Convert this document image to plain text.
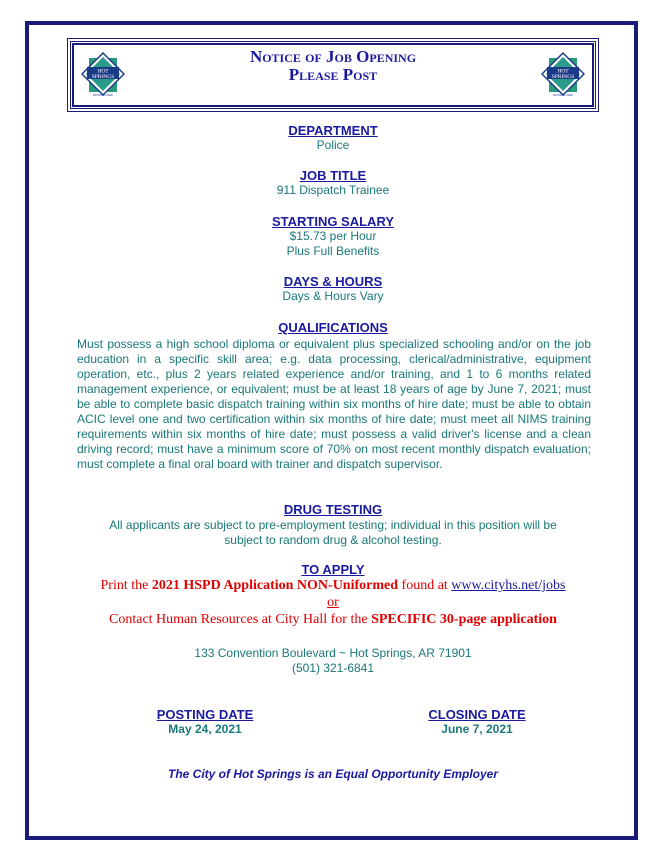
HOT
SPRINGS
NATIONAL PARK
Notice of Job Opening
Please Post	HOT
SPRINGS
NATIONAL PARK
DEPARTMENT
Police
JOB TITLE
911 Dispatch Trainee
STARTING SALARY
$15.73 per Hour
Plus Full Benefits
DAYS & HOURS
Days & Hours Vary
QUALIFICATIONS
Must possess a high school diploma or equivalent plus specialized schooling and/or on the job education in a specific skill area; e.g. data processing, clerical/administrative, equipment operation, etc., plus 2 years related experience and/or training, and 1 to 6 months related management experience, or equivalent; must be at least 18 years of age by June 7, 2021; must be able to complete basic dispatch training within six months of hire date; must be able to obtain ACIC level one and two certification within six months of hire date; must meet all NIMS training requirements within six months of hire date; must possess a valid driver's license and a clean driving record; must have a minimum score of 70% on most recent monthly dispatch evaluation; must complete a final oral board with trainer and dispatch supervisor.
DRUG TESTING
All applicants are subject to pre-employment testing; individual in this position will be
subject to random drug & alcohol testing.
TO APPLY
Print the 2021 HSPD Application NON-Uniformed found at www.cityhs.net/jobs
or
Contact Human Resources at City Hall for the SPECIFIC 30-page application
133 Convention Boulevard ~ Hot Springs, AR 71901
(501) 321-6841
POSTING DATE
May 24, 2021
CLOSING DATE
June 7, 2021
The City of Hot Springs is an Equal Opportunity Employer
